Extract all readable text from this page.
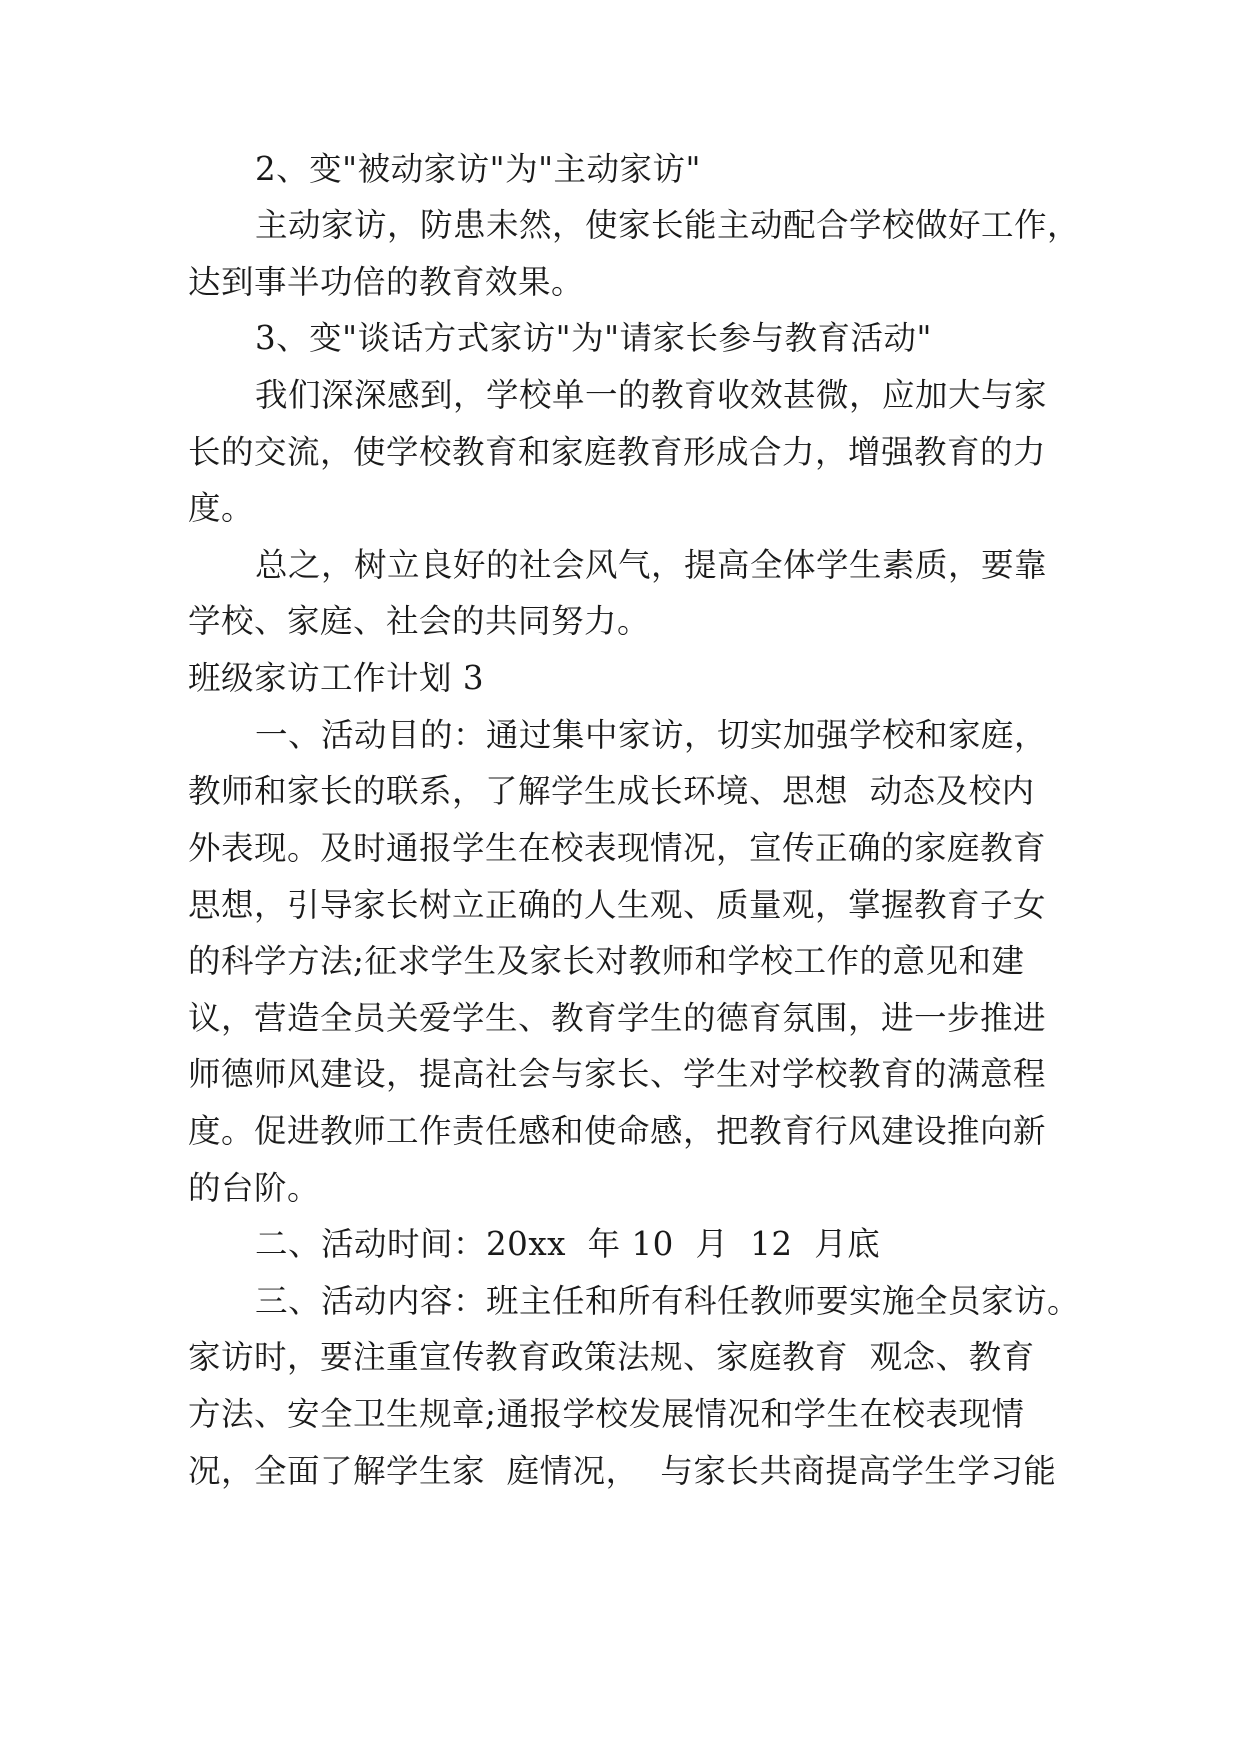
2、变"被动家访"为"主动家访"
主动家访，防患未然，使家长能主动配合学校做好工作，
达到事半功倍的教育效果。
3、变"谈话方式家访"为"请家长参与教育活动"
我们深深感到，学校单一的教育收效甚微，应加大与家
长的交流，使学校教育和家庭教育形成合力，增强教育的力
度。
总之，树立良好的社会风气，提高全体学生素质，要靠
学校、家庭、社会的共同努力。
班级家访工作计划 3
一、活动目的：通过集中家访，切实加强学校和家庭，
教师和家长的联系，了解学生成长环境、思想  动态及校内
外表现。及时通报学生在校表现情况，宣传正确的家庭教育
思想，引导家长树立正确的人生观、质量观，掌握教育子女
的科学方法;征求学生及家长对教师和学校工作的意见和建
议，营造全员关爱学生、教育学生的德育氛围，进一步推进
师德师风建设，提高社会与家长、学生对学校教育的满意程
度。促进教师工作责任感和使命感，把教育行风建设推向新
的台阶。
二、活动时间：20xx  年 10  月  12  月底
三、活动内容：班主任和所有科任教师要实施全员家访。
家访时，要注重宣传教育政策法规、家庭教育  观念、教育
方法、安全卫生规章;通报学校发展情况和学生在校表现情
况，全面了解学生家  庭情况，  与家长共商提高学生学习能
